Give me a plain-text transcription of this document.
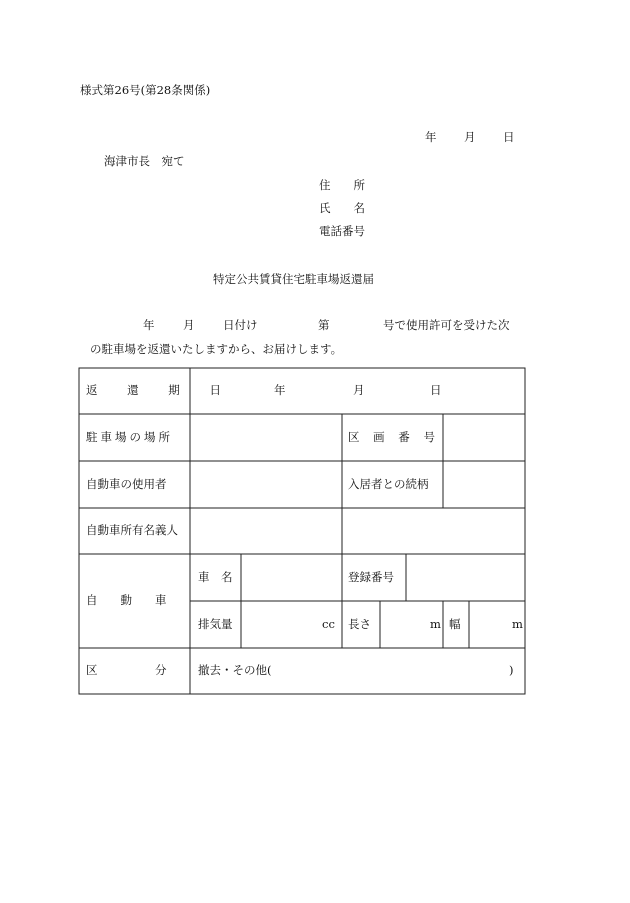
様式第26号(第28条関係)
年 月 日
海津市長　宛て
住　　所
氏　　名
電話番号
特定公共賃貸住宅駐車場返還届
年 月 日付け	第	号で使用許可を受けた次
の駐車場を返還いたしますから、お届けします。
返 還 期 日	年	月	日
駐車場の場所	区 画 番 号
自動車の使用者	入居者との続柄
自動車所有名義人
自　　動　　車
車　名	登録番号
排気量	cc 長さ	m 幅	m
区　　　　　分	撤去・その他(	)
